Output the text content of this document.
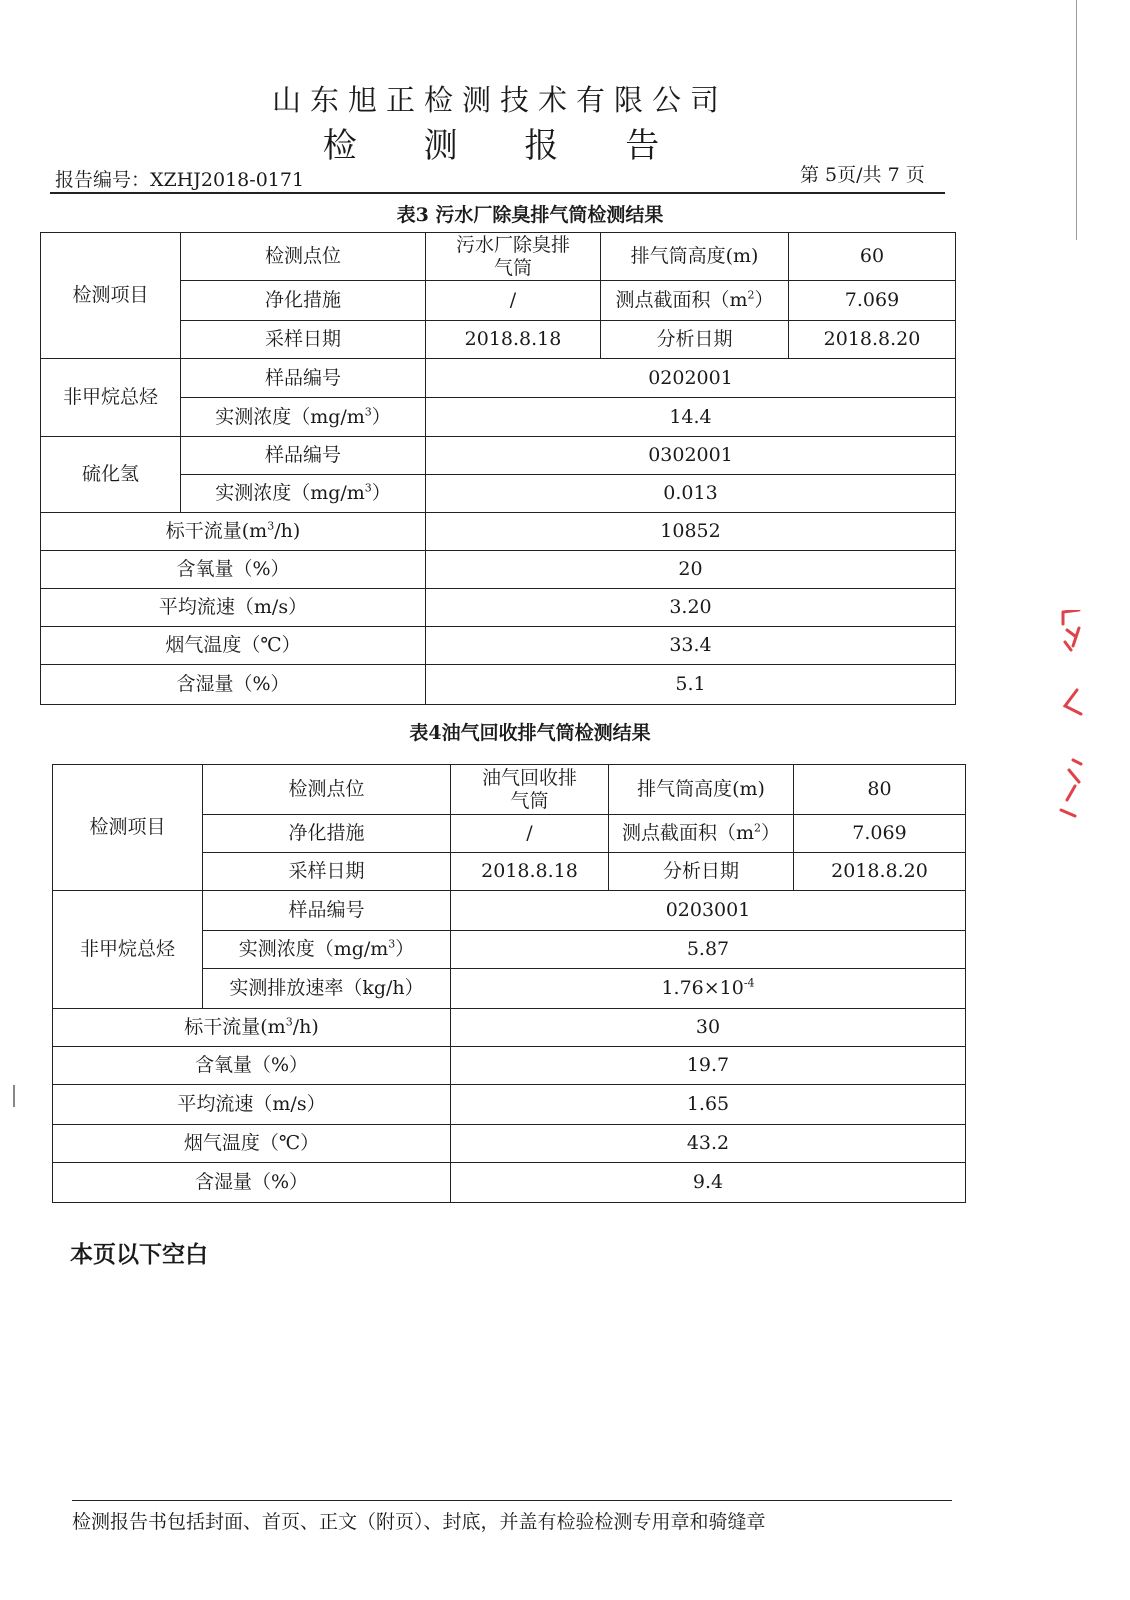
山东旭正检测技术有限公司
检 测 报 告
报告编号：XZHJ2018-0171	第 5页/共 7 页
表3 污水厂除臭排气筒检测结果
检测项目	检测点位	污水厂除臭排气筒	排气筒高度(m)	60
	净化措施	/	测点截面积$(m^2)$	7.069
	采样日期	2018.8.18	分析日期	2018.8.20
非甲烷总烃	样品编号	0202001		
	实测浓度$(mg/m^3)$	14.4		
硫化氢	样品编号	0302001		
	实测浓度$(mg/m^3)$	0.013		
标干流量$(m^3/h)$		10852		
含氧量（%）		20		
平均流速（m/s）		3.20		
烟气温度（℃）		33.4		
含湿量（%）		5.1		
表4油气回收排气筒检测结果
检测项目	检测点位	油气回收排气筒	排气筒高度(m)	80
	净化措施	/	测点截面积$(m^2)$	7.069
	采样日期	2018.8.18	分析日期	2018.8.20
非甲烷总烃	样品编号	0203001		
	实测浓度$(mg/m^3)$	5.87		
	实测排放速率（kg/h）	$1.76\times 10^{-4}$
标干流量$(m^3/h)$		30		
含氧量（%）		19.7		
平均流速（m/s）		1.65		
烟气温度（℃）		43.2		
含湿量（%）		9.4		
本页以下空白
检测报告书包括封面、首页、正文（附页）、封底，并盖有检验检测专用章和骑缝章
